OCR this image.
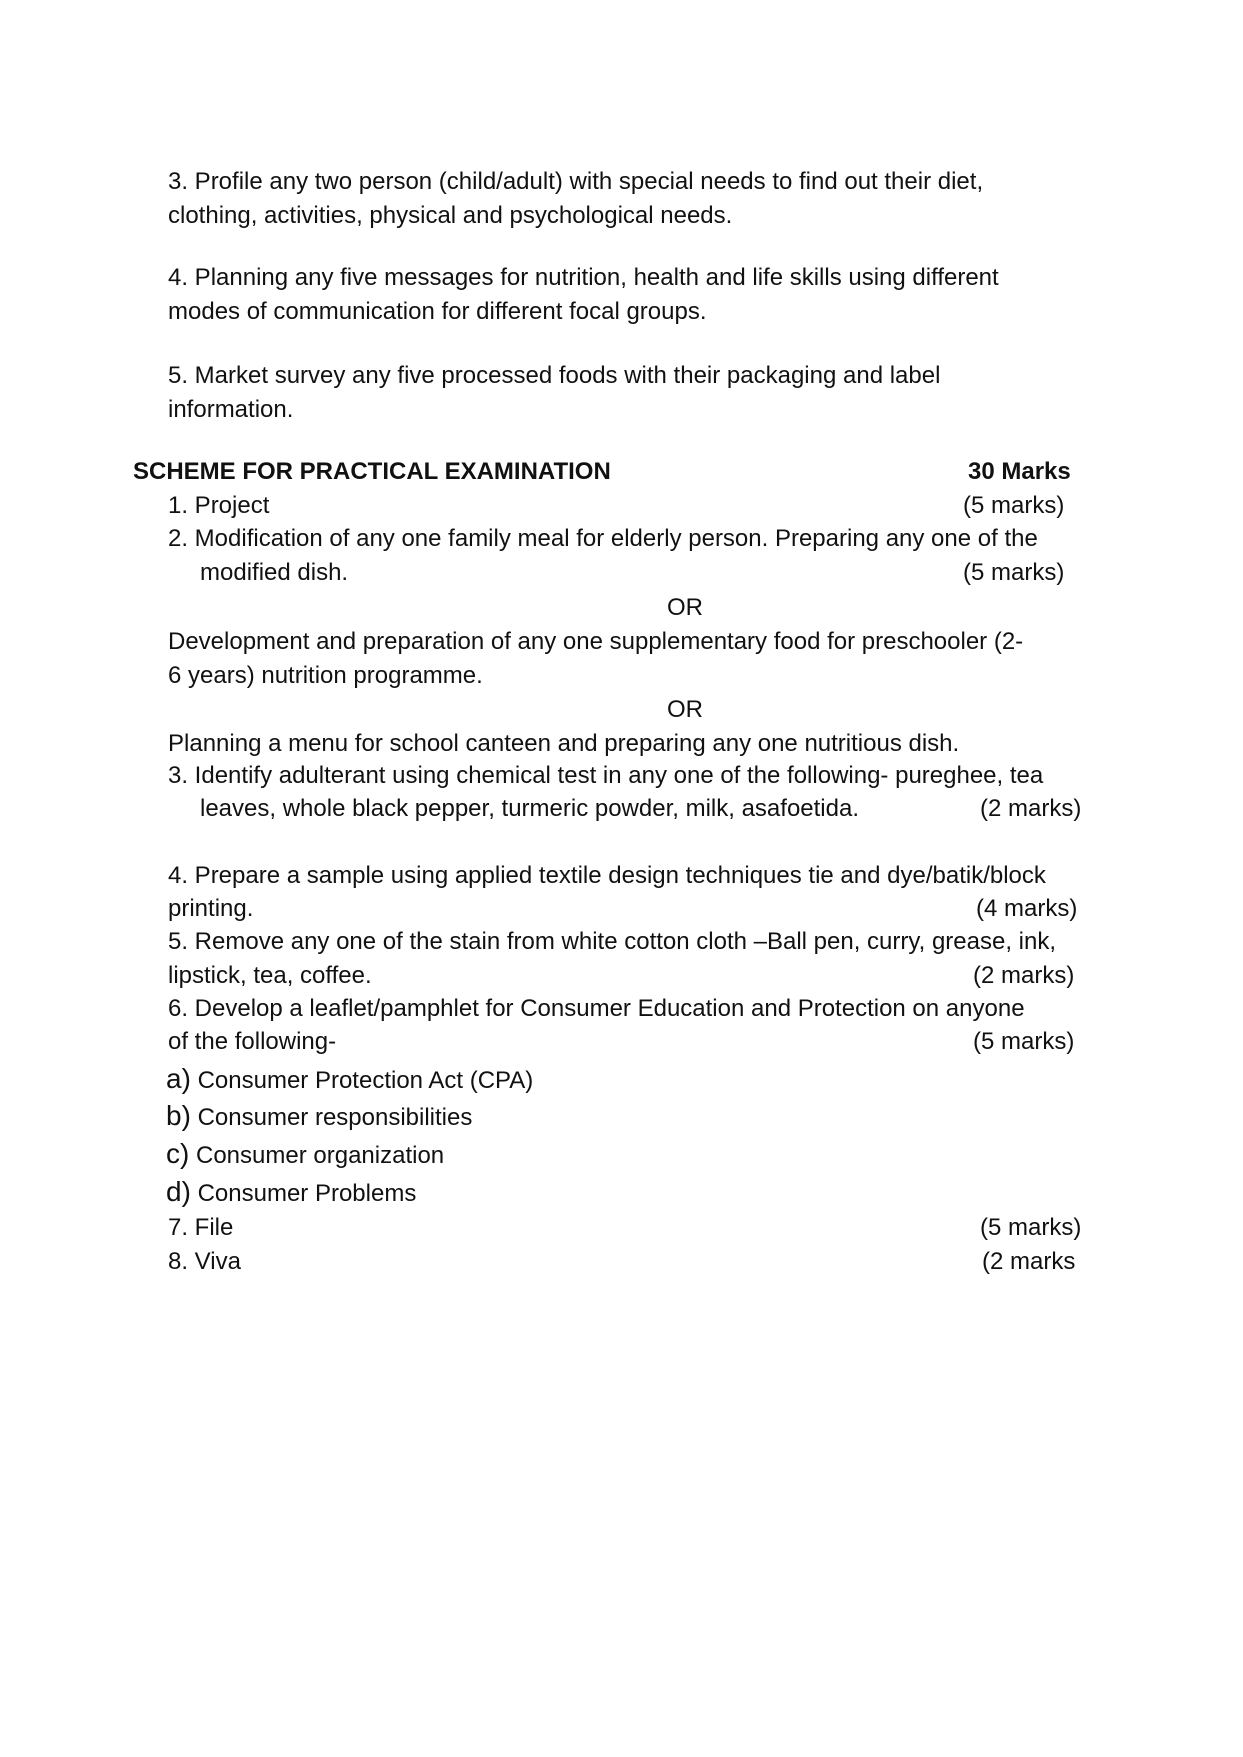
3. Profile any two person (child/adult) with special needs to find out their diet,
clothing, activities, physical and psychological needs.
4. Planning any five messages for nutrition, health and life skills using different
modes of communication for different focal groups.
5. Market survey any five processed foods with their packaging and label
information.
SCHEME FOR PRACTICAL EXAMINATION	30 Marks
1. Project	(5 marks)
2. Modification of any one family meal for elderly person. Preparing any one of the
modified dish.	(5 marks)
OR
Development and preparation of any one supplementary food for preschooler (2-
6 years) nutrition programme.
OR
Planning a menu for school canteen and preparing any one nutritious dish.
3. Identify adulterant using chemical test in any one of the following- pureghee, tea
leaves, whole black pepper, turmeric powder, milk, asafoetida.	(2 marks)
4. Prepare a sample using applied textile design techniques tie and dye/batik/block
printing.	(4 marks)
5. Remove any one of the stain from white cotton cloth –Ball pen, curry, grease, ink,
lipstick, tea, coffee.	(2 marks)
6. Develop a leaflet/pamphlet for Consumer Education and Protection on anyone
of the following-	(5 marks)
a) Consumer Protection Act (CPA)
b) Consumer responsibilities
c) Consumer organization
d) Consumer Problems
7. File	(5 marks)
8. Viva	(2 marks
